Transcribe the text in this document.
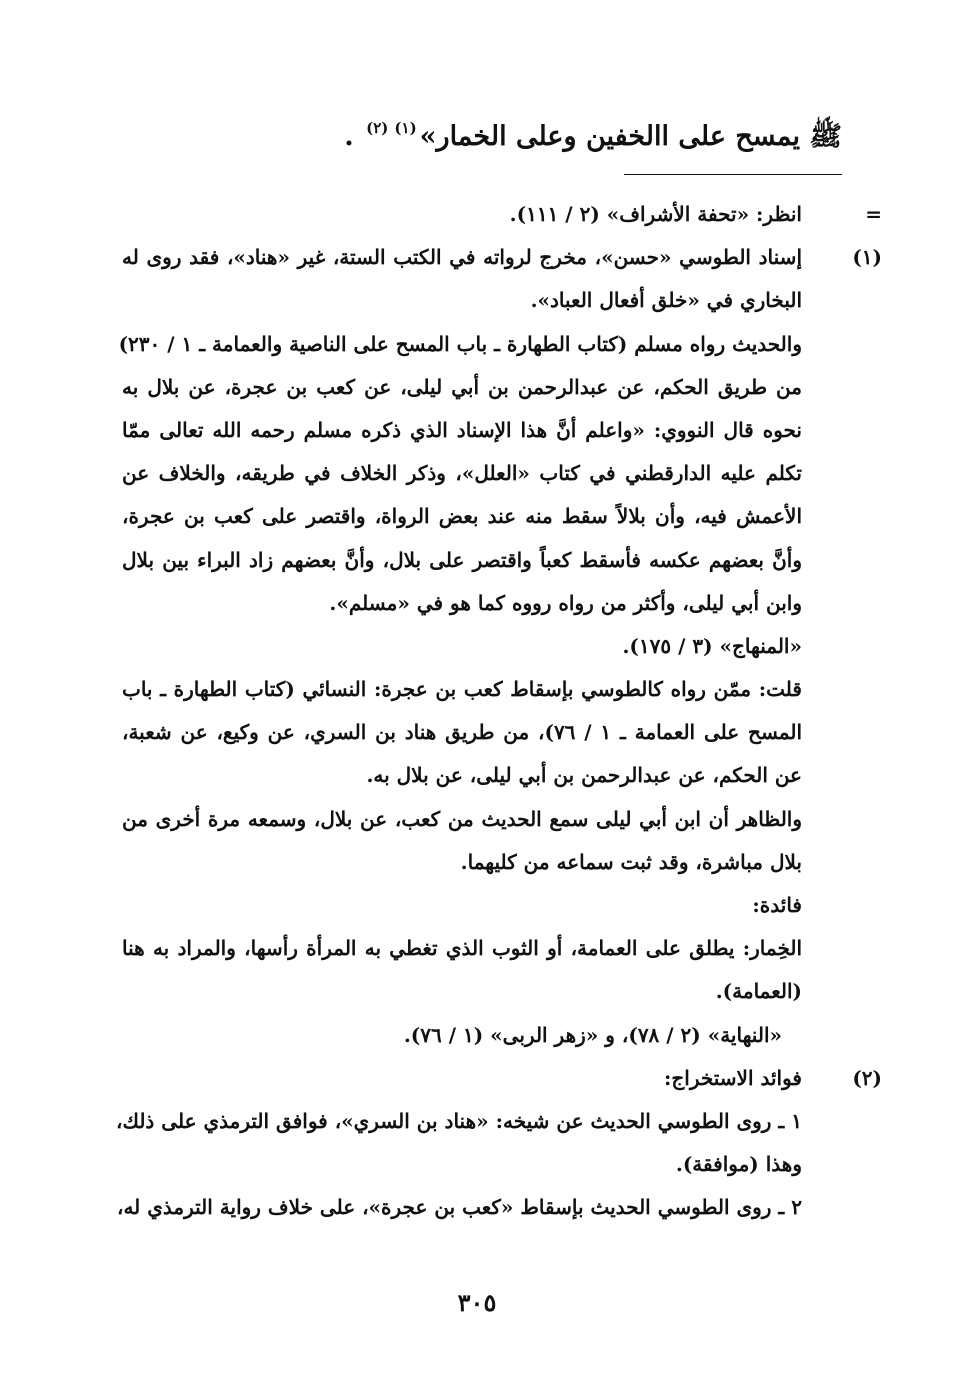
ﷺ يمسح على االخفين وعلى الخمار»$^{(١)(٢)}$ .
=انظر: «تحفة الأشراف» (٢ / ١١١).
(١)إسناد الطوسي «حسن»، مخرج لرواته في الكتب الستة، غير «هناد»، فقد روى له
البخاري في «خلق أفعال العباد».
والحديث رواه مسلم (كتاب الطهارة ـ باب المسح على الناصية والعمامة ـ ١ / ٢٣٠)
من طريق الحكم، عن عبدالرحمن بن أبي ليلى، عن كعب بن عجرة، عن بلال به
نحوه قال النووي: «واعلم أنَّ هذا الإسناد الذي ذكره مسلم رحمه الله تعالى ممّا
تكلم عليه الدارقطني في كتاب «العلل»، وذكر الخلاف في طريقه، والخلاف عن
الأعمش فيه، وأن بلالاً سقط منه عند بعض الرواة، واقتصر على كعب بن عجرة،
وأنَّ بعضهم عكسه فأسقط كعباً واقتصر على بلال، وأنَّ بعضهم زاد البراء بين بلال
وابن أبي ليلى، وأكثر من رواه رووه كما هو في «مسلم».
«المنهاج» (٣ / ١٧٥).
قلت: ممّن رواه كالطوسي بإسقاط كعب بن عجرة: النسائي (كتاب الطهارة ـ باب
المسح على العمامة ـ ١ / ٧٦)، من طريق هناد بن السري، عن وكيع، عن شعبة،
عن الحكم، عن عبدالرحمن بن أبي ليلى، عن بلال به.
والظاهر أن ابن أبي ليلى سمع الحديث من كعب، عن بلال، وسمعه مرة أخرى من
بلال مباشرة، وقد ثبت سماعه من كليهما.
فائدة:
الخِمار: يطلق على العمامة، أو الثوب الذي تغطي به المرأة رأسها، والمراد به هنا
(العمامة).
«النهاية» (٢ / ٧٨)، و «زهر الربى» (١ / ٧٦).
(٢)فوائد الاستخراج:
١ ـ روى الطوسي الحديث عن شيخه: «هناد بن السري»، فوافق الترمذي على ذلك،
وهذا (موافقة).
٢ ـ روى الطوسي الحديث بإسقاط «كعب بن عجرة»، على خلاف رواية الترمذي له،
٣٠٥
